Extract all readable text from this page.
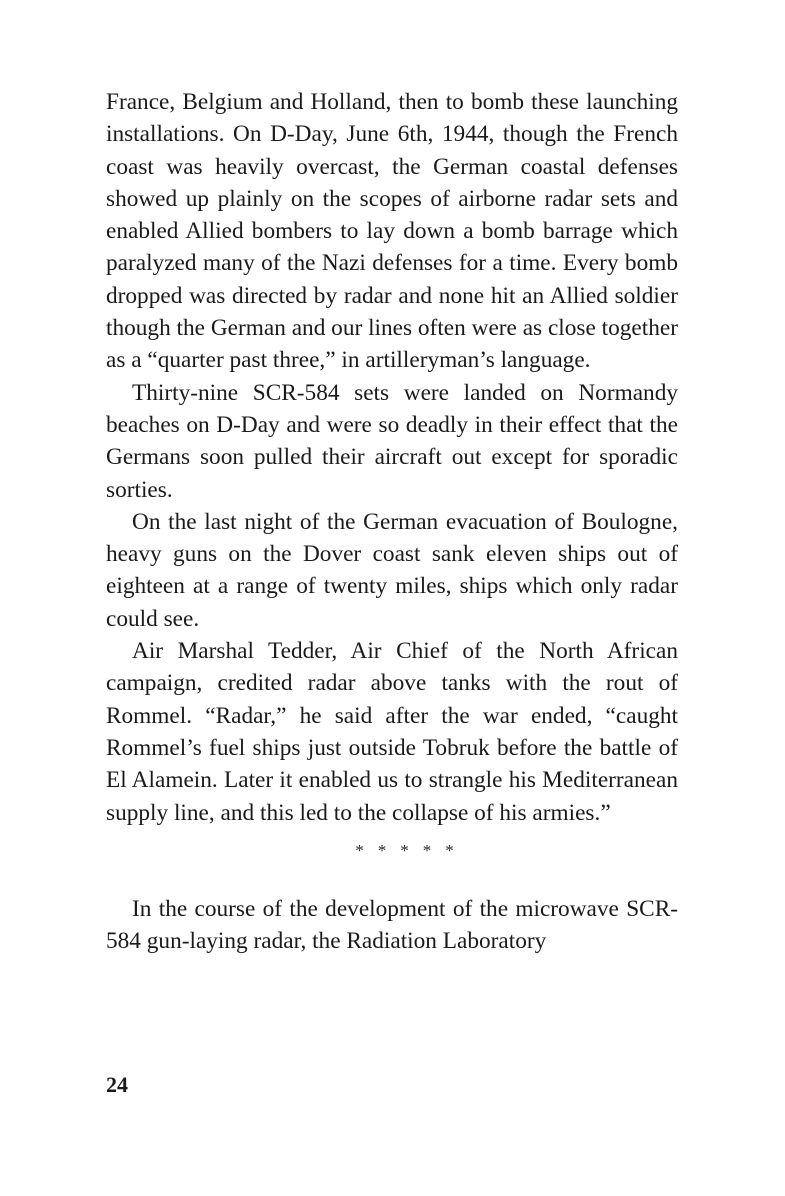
France, Belgium and Holland, then to bomb these launching installations. On D-Day, June 6th, 1944, though the French coast was heavily overcast, the German coastal defenses showed up plainly on the scopes of airborne radar sets and enabled Allied bombers to lay down a bomb barrage which paralyzed many of the Nazi defenses for a time. Every bomb dropped was directed by radar and none hit an Allied soldier though the German and our lines often were as close together as a “quarter past three,” in artilleryman’s language.

Thirty-nine SCR-584 sets were landed on Normandy beaches on D-Day and were so deadly in their effect that the Germans soon pulled their aircraft out except for sporadic sorties.

On the last night of the German evacuation of Boulogne, heavy guns on the Dover coast sank eleven ships out of eighteen at a range of twenty miles, ships which only radar could see.

Air Marshal Tedder, Air Chief of the North African campaign, credited radar above tanks with the rout of Rommel. “Radar,” he said after the war ended, “caught Rommel’s fuel ships just outside Tobruk before the battle of El Alamein. Later it enabled us to strangle his Mediterranean supply line, and this led to the collapse of his armies.”

* * * * *

In the course of the development of the microwave SCR-584 gun-laying radar, the Radiation Laboratory

24
